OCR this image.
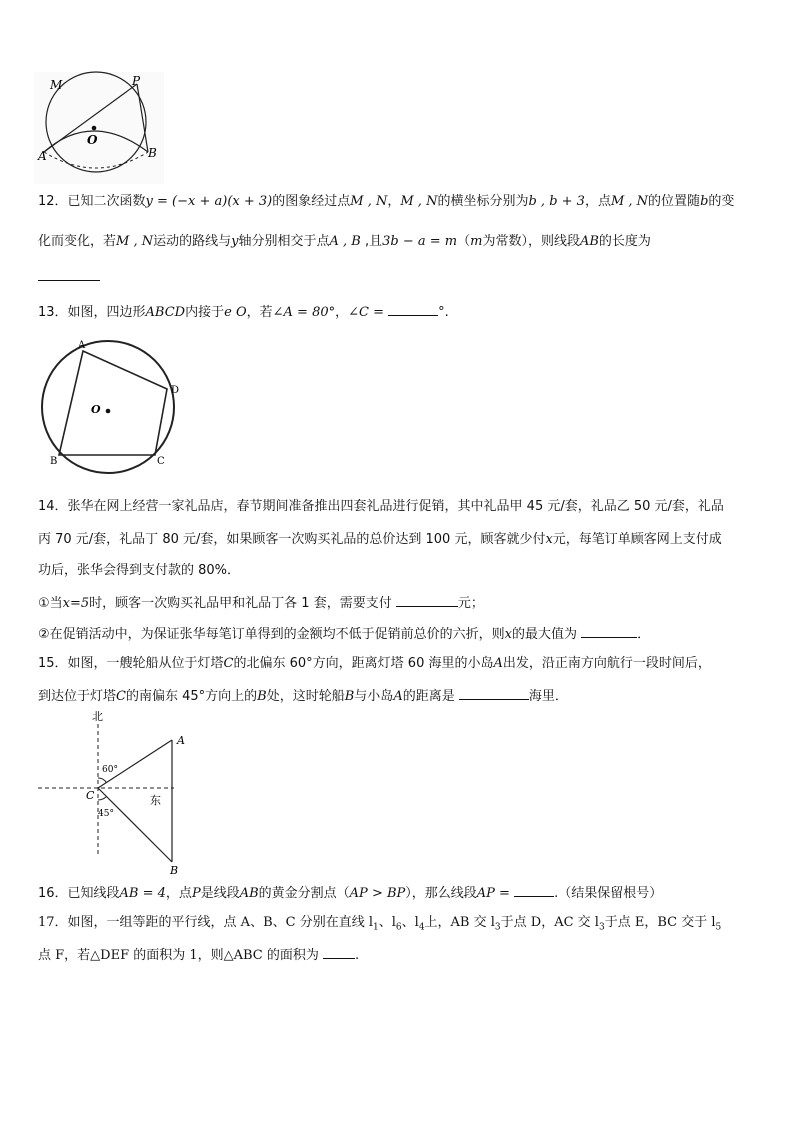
M	P
O
A	B
12．已知二次函数y = (−x + a)(x + 3)的图象经过点M , N，M , N的横坐标分别为b , b + 3，点M , N的位置随b的变
化而变化，若M , N运动的路线与y轴分别相交于点A , B ,且3b − a = m（m为常数），则线段AB的长度为
13．如图，四边形ABCD内接于e O，若∠A = 80°，∠C =	°.
A
B	C
D
O
14．张华在网上经营一家礼品店，春节期间准备推出四套礼品进行促销，其中礼品甲 45 元/套，礼品乙 50 元/套，礼品
丙 70 元/套，礼品丁 80 元/套，如果顾客一次购买礼品的总价达到 100 元，顾客就少付x元，每笔订单顾客网上支付成
功后，张华会得到支付款的 80%．
①当x=5时，顾客一次购买礼品甲和礼品丁各 1 套，需要支付	元；
②在促销活动中，为保证张华每笔订单得到的金额均不低于促销前总价的六折，则x的最大值为	．
15．如图，一艘轮船从位于灯塔C的北偏东 60°方向，距离灯塔 60 海里的小岛A出发，沿正南方向航行一段时间后，
到达位于灯塔C的南偏东 45°方向上的B处，这时轮船B与小岛A的距离是	海里．
北
东
A
B
C
60°
45°
16．已知线段AB = 4，点P是线段AB的黄金分割点（AP > BP），那么线段AP =	.（结果保留根号）
17．如图，一组等距的平行线，点 A、B、C 分别在直线 $l_1$、$l_6$、$l_4$上，AB 交 $l_3$于点 D，AC 交 $l_3$于点 E，BC 交于 $l_5$
点 F，若△DEF 的面积为 1，则△ABC 的面积为	.
